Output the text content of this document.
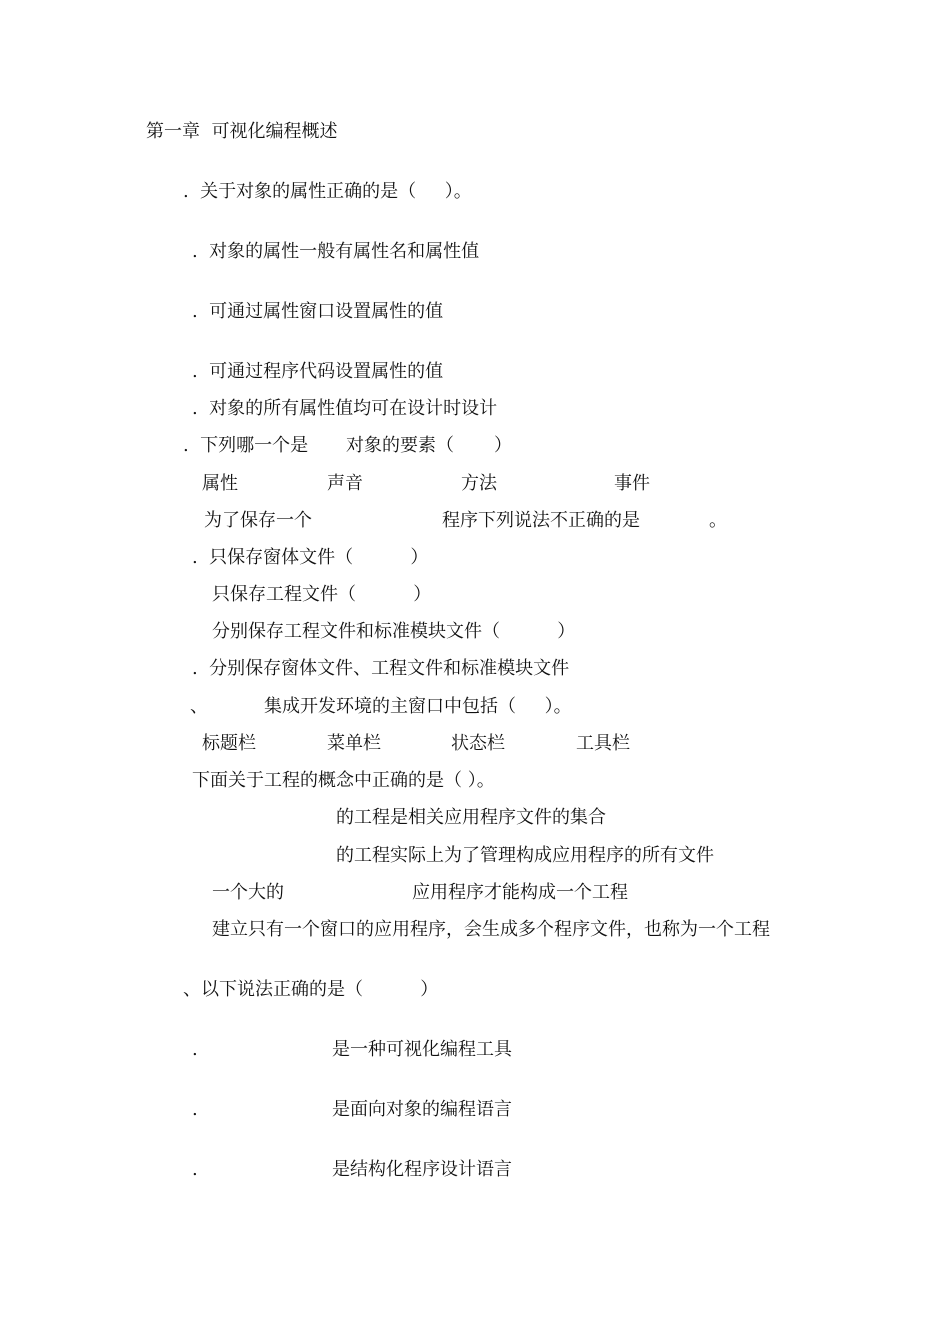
第一章  可视化编程概述
.  关于对象的属性正确的是（     ）。
.  对象的属性一般有属性名和属性值
.  可通过属性窗口设置属性的值
.  可通过程序代码设置属性的值
.  对象的所有属性值均可在设计时设计
.  下列哪一个是 对象的要素（       ）
属性	声音	方法	事件
为了保存一个	程序下列说法不正确的是	。
.  只保存窗体文件（          ）
只保存工程文件（          ）
分别保存工程文件和标准模块文件（          ）
.  分别保存窗体文件、工程文件和标准模块文件
、	集成开发环境的主窗口中包括（     ）。
标题栏	菜单栏	状态栏	工具栏
下面关于工程的概念中正确的是（ ）。
的工程是相关应用程序文件的集合
的工程实际上为了管理构成应用程序的所有文件
一个大的	应用程序才能构成一个工程
建立只有一个窗口的应用程序，会生成多个程序文件，也称为一个工程
、以下说法正确的是（          ）
.	是一种可视化编程工具
.	是面向对象的编程语言
.	是结构化程序设计语言
